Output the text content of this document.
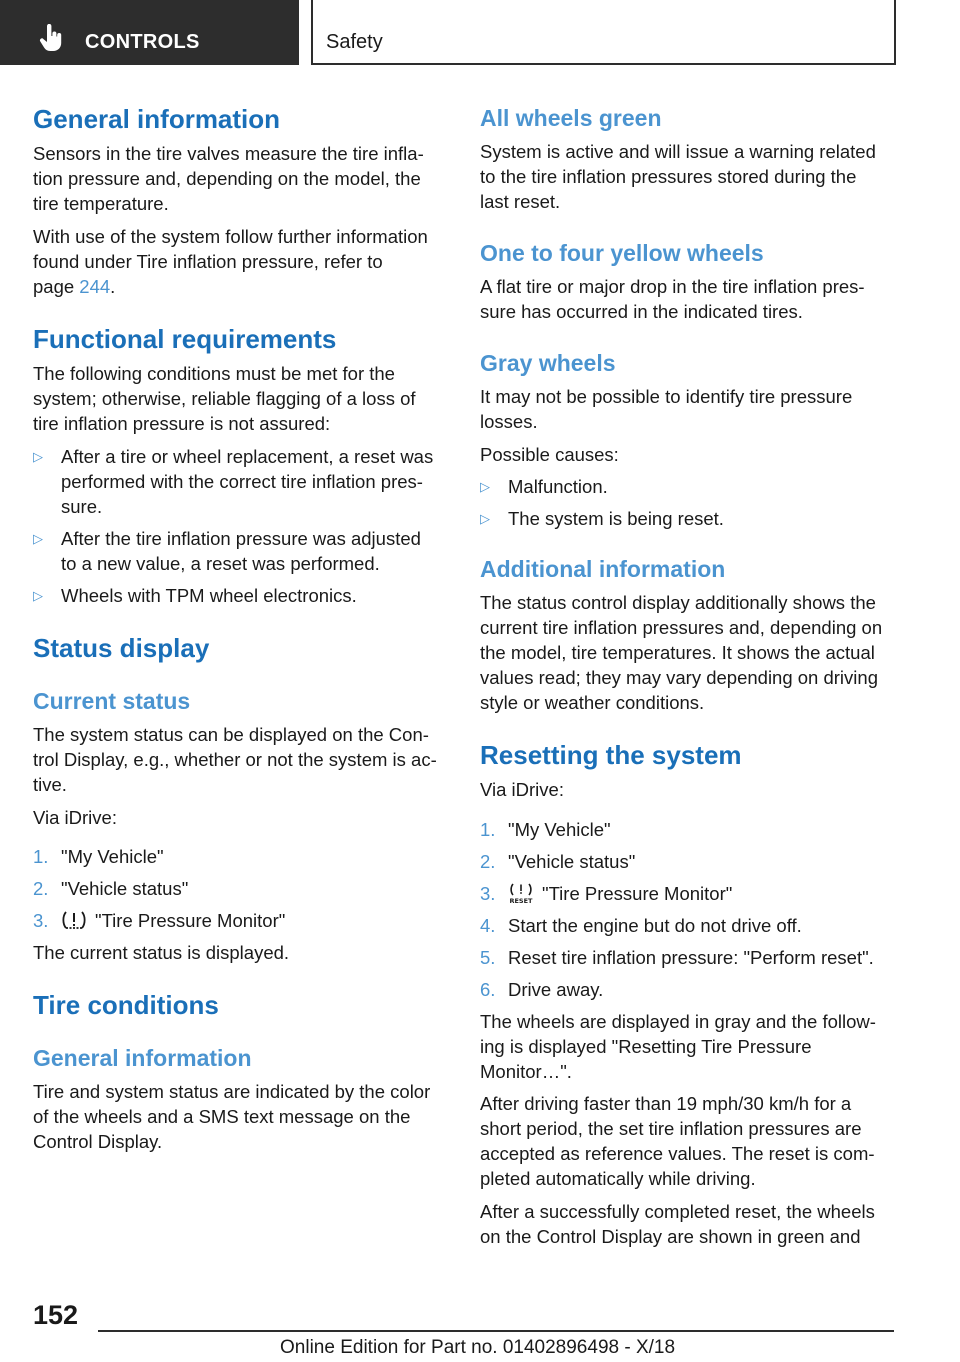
CONTROLS	Safety
General information
Sensors in the tire valves measure the tire infla-
tion pressure and, depending on the model, the
tire temperature.
With use of the system follow further information
found under Tire inflation pressure, refer to
page 244.
Functional requirements
The following conditions must be met for the
system; otherwise, reliable flagging of a loss of
tire inflation pressure is not assured:
▷ After a tire or wheel replacement, a reset was
performed with the correct tire inflation pres-
sure.
▷ After the tire inflation pressure was adjusted
to a new value, a reset was performed.
▷ Wheels with TPM wheel electronics.
Status display
Current status
The system status can be displayed on the Con-
trol Display, e.g., whether or not the system is ac-
tive.
Via iDrive:
1. "My Vehicle"
2. "Vehicle status"
3.	"Tire Pressure Monitor"
The current status is displayed.
Tire conditions
General information
Tire and system status are indicated by the color
of the wheels and a SMS text message on the
Control Display.
All wheels green
System is active and will issue a warning related
to the tire inflation pressures stored during the
last reset.
One to four yellow wheels
A flat tire or major drop in the tire inflation pres-
sure has occurred in the indicated tires.
Gray wheels
It may not be possible to identify tire pressure
losses.
Possible causes:
▷ Malfunction.
▷ The system is being reset.
Additional information
The status control display additionally shows the
current tire inflation pressures and, depending on
the model, tire temperatures. It shows the actual
values read; they may vary depending on driving
style or weather conditions.
Resetting the system
Via iDrive:
1. "My Vehicle"
2. "Vehicle status"
3. RESET "Tire Pressure Monitor"
4. Start the engine but do not drive off.
5. Reset tire inflation pressure: "Perform reset".
6. Drive away.
The wheels are displayed in gray and the follow-
ing is displayed "Resetting Tire Pressure
Monitor…".
After driving faster than 19 mph/30 km/h for a
short period, the set tire inflation pressures are
accepted as reference values. The reset is com-
pleted automatically while driving.
After a successfully completed reset, the wheels
on the Control Display are shown in green and
152
Online Edition for Part no. 01402896498 - X/18
